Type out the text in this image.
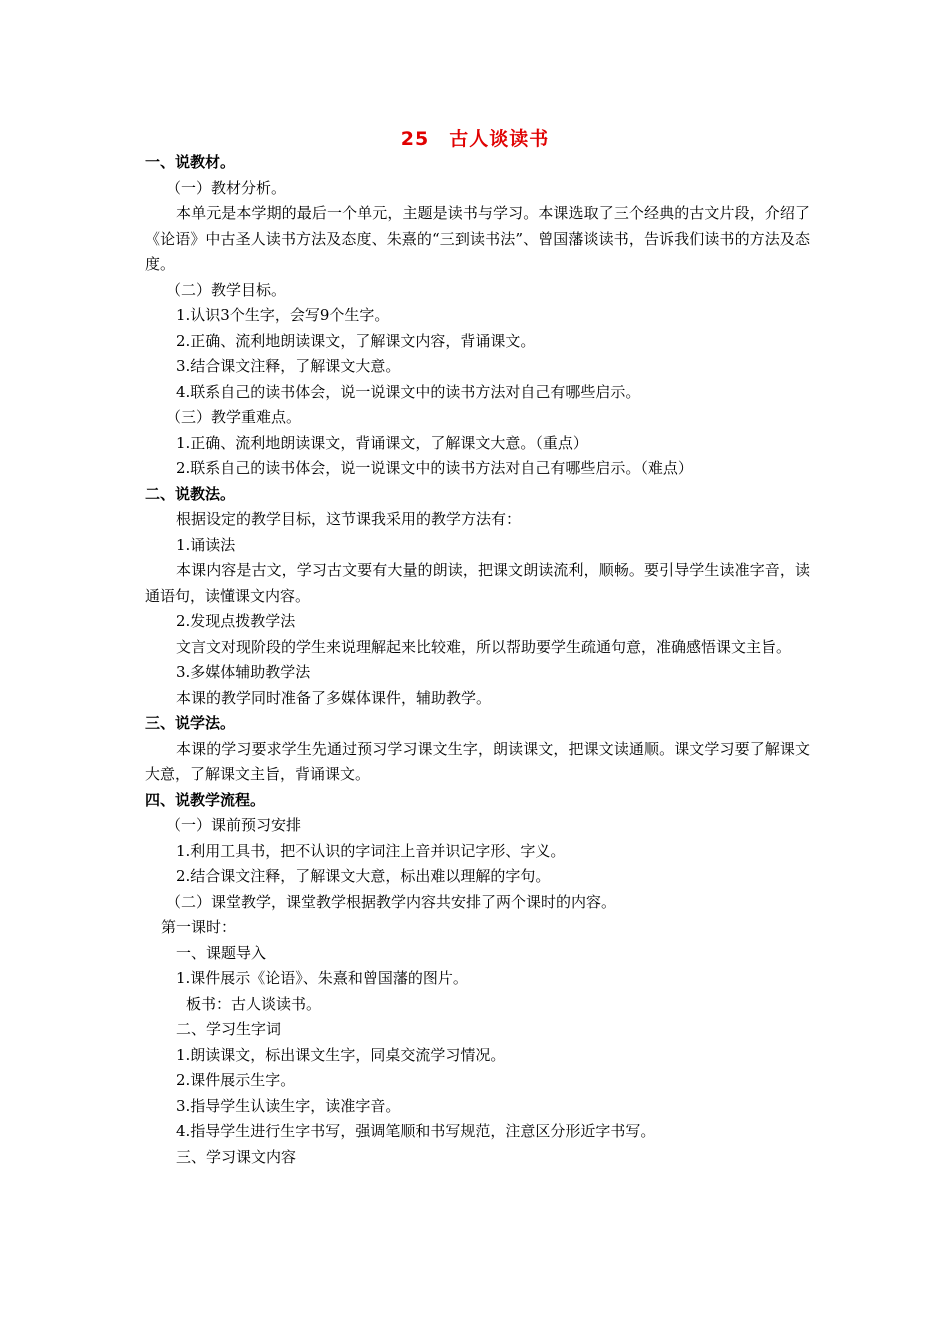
25　古人谈读书
一、说教材。
（一）教材分析。
本单元是本学期的最后一个单元，主题是读书与学习。本课选取了三个经典的古文片段，介绍了《论语》中古圣人读书方法及态度、朱熹的“三到读书法”、曾国藩谈读书，告诉我们读书的方法及态度。
（二）教学目标。
1.认识3个生字，会写9个生字。
2.正确、流利地朗读课文，了解课文内容，背诵课文。
3.结合课文注释，了解课文大意。
4.联系自己的读书体会，说一说课文中的读书方法对自己有哪些启示。
（三）教学重难点。
1.正确、流利地朗读课文，背诵课文，了解课文大意。（重点）
2.联系自己的读书体会，说一说课文中的读书方法对自己有哪些启示。（难点）
二、说教法。
根据设定的教学目标，这节课我采用的教学方法有：
1.诵读法
本课内容是古文，学习古文要有大量的朗读，把课文朗读流利，顺畅。要引导学生读准字音，读通语句，读懂课文内容。
2.发现点拨教学法
文言文对现阶段的学生来说理解起来比较难，所以帮助要学生疏通句意，准确感悟课文主旨。
3.多媒体辅助教学法
本课的教学同时准备了多媒体课件，辅助教学。
三、说学法。
本课的学习要求学生先通过预习学习课文生字，朗读课文，把课文读通顺。课文学习要了解课文大意，了解课文主旨，背诵课文。
四、说教学流程。
（一）课前预习安排
1.利用工具书，把不认识的字词注上音并识记字形、字义。
2.结合课文注释，了解课文大意，标出难以理解的字句。
（二）课堂教学，课堂教学根据教学内容共安排了两个课时的内容。
第一课时：
一、课题导入
1.课件展示《论语》、朱熹和曾国藩的图片。
板书：古人谈读书。
二、学习生字词
1.朗读课文，标出课文生字，同桌交流学习情况。
2.课件展示生字。
3.指导学生认读生字，读准字音。
4.指导学生进行生字书写，强调笔顺和书写规范，注意区分形近字书写。
三、学习课文内容
